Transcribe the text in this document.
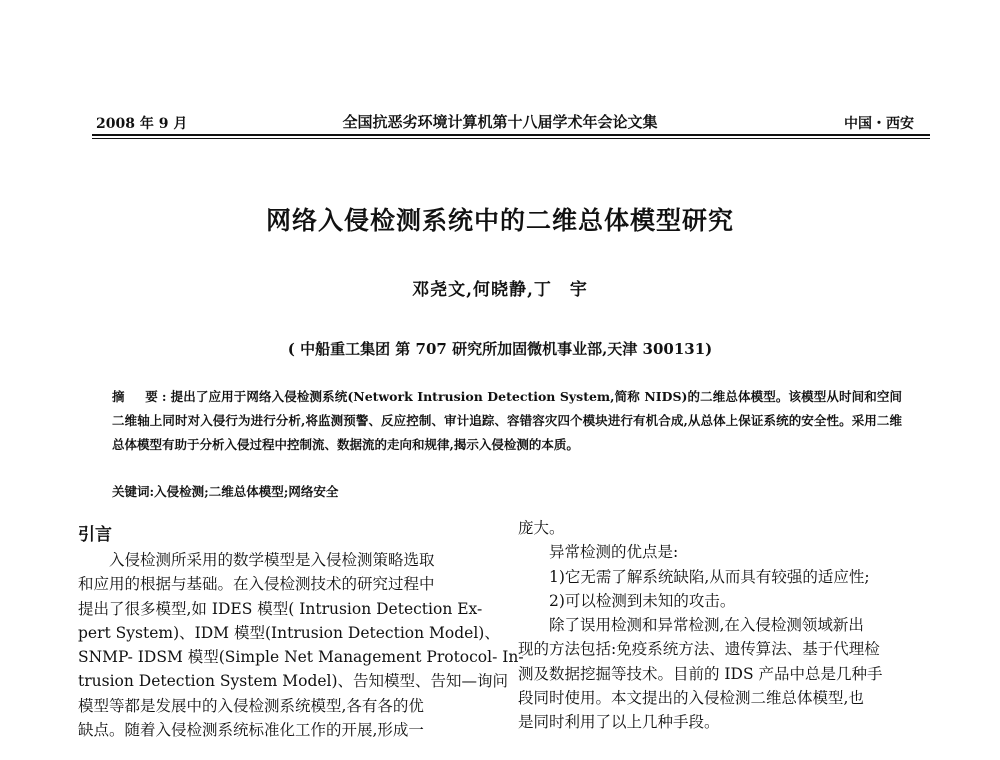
2008 年 9 月	全国抗恶劣环境计算机第十八届学术年会论文集	中国・西安
网络入侵检测系统中的二维总体模型研究
邓尧文,何晓静,丁　宇
( 中船重工集团 第 707 研究所加固微机事业部,天津 300131)
摘　要:提出了应用于网络入侵检测系统(Network Intrusion Detection System,简称 NIDS)的二维总体模型。该模型从时间和空间二维轴上同时对入侵行为进行分析,将监测预警、反应控制、审计追踪、容错容灾四个模块进行有机合成,从总体上保证系统的安全性。采用二维总体模型有助于分析入侵过程中控制流、数据流的走向和规律,揭示入侵检测的本质。
关键词:入侵检测;二维总体模型;网络安全
引言
入侵检测所采用的数学模型是入侵检测策略选取
和应用的根据与基础。在入侵检测技术的研究过程中
提出了很多模型,如 IDES 模型( Intrusion Detection Ex-
pert System)、IDM 模型(Intrusion Detection Model)、
SNMP- IDSM 模型(Simple Net Management Protocol- In-
trusion Detection System Model)、告知模型、告知—询问
模型等都是发展中的入侵检测系统模型,各有各的优
缺点。随着入侵检测系统标准化工作的开展,形成一
庞大。
异常检测的优点是:
1)它无需了解系统缺陷,从而具有较强的适应性;
2)可以检测到未知的攻击。
除了误用检测和异常检测,在入侵检测领域新出
现的方法包括:免疫系统方法、遗传算法、基于代理检
测及数据挖掘等技术。目前的 IDS 产品中总是几种手
段同时使用。本文提出的入侵检测二维总体模型,也
是同时利用了以上几种手段。
